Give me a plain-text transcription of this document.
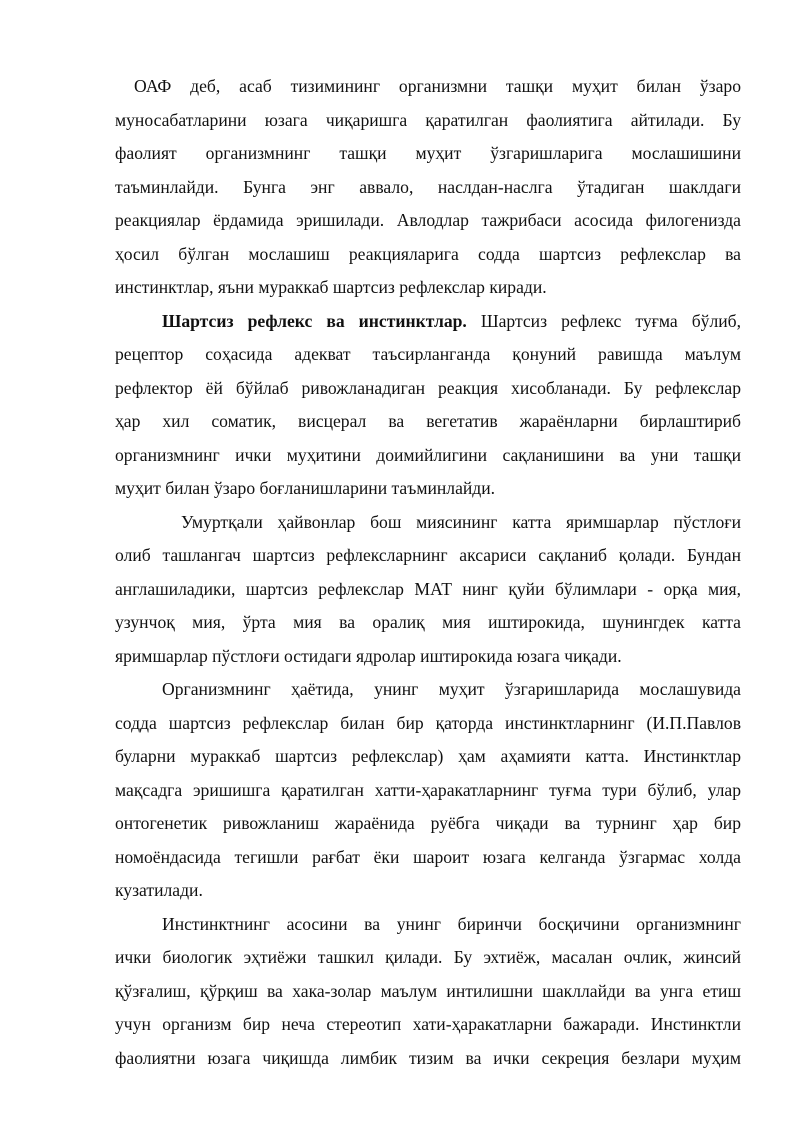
ОАФ деб, асаб тизимининг организмни ташқи муҳит билан ўзаро
муносабатларини юзага чиқаришга қаратилган фаолиятига айтилади. Бу
фаолият организмнинг ташқи муҳит ўзгаришларига мослашишини
таъминлайди. Бунга энг аввало, наслдан-наслга ўтадиган шаклдаги
реакциялар ёрдамида эришилади. Авлодлар тажрибаси асосида филогенизда
ҳосил бўлган мослашиш реакцияларига содда шартсиз рефлекслар ва
инстинктлар, яъни мураккаб шартсиз рефлекслар киради.

Шартсиз рефлекс ва инстинктлар. Шартсиз рефлекс туғма бўлиб,
рецептор соҳасида адекват таъсирланганда қонуний равишда маълум
рефлектор ёй бўйлаб ривожланадиган реакция хисобланади. Бу рефлекслар
ҳар хил соматик, висцерал ва вегетатив жараёнларни бирлаштириб
организмнинг ички муҳитини доимийлигини сақланишини ва уни ташқи
муҳит билан ўзаро боғланишларини таъминлайди.

Умуртқали ҳайвонлар бош миясининг катта яримшарлар пўстлоғи
олиб ташлангач шартсиз рефлексларнинг аксариси сақланиб қолади. Бундан
англашиладики, шартсиз рефлекслар МАТ нинг қуйи бўлимлари - орқа мия,
узунчоқ мия, ўрта мия ва оралиқ мия иштирокида, шунингдек катта
яримшарлар пўстлоғи остидаги ядролар иштирокида юзага чиқади.

Организмнинг ҳаётида, унинг муҳит ўзгаришларида мослашувида
содда шартсиз рефлекслар билан бир қаторда инстинктларнинг (И.П.Павлов
буларни мураккаб шартсиз рефлекслар) ҳам аҳамияти катта. Инстинктлар
мақсадга эришишга қаратилган хатти-ҳаракатларнинг туғма тури бўлиб, улар
онтогенетик ривожланиш жараёнида руёбга чиқади ва турнинг ҳар бир
номоёндасида тегишли рағбат ёки шароит юзага келганда ўзгармас холда
кузатилади.

Инстинктнинг асосини ва унинг биринчи босқичини организмнинг
ички биологик эҳтиёжи ташкил қилади. Бу эхтиёж, масалан очлик, жинсий
қўзғалиш, қўрқиш ва хака-золар маълум интилишни шакллайди ва унга етиш
учун организм бир неча стереотип хати-ҳаракатларни бажаради. Инстинктли
фаолиятни юзага чиқишда лимбик тизим ва ички секреция безлари муҳим
